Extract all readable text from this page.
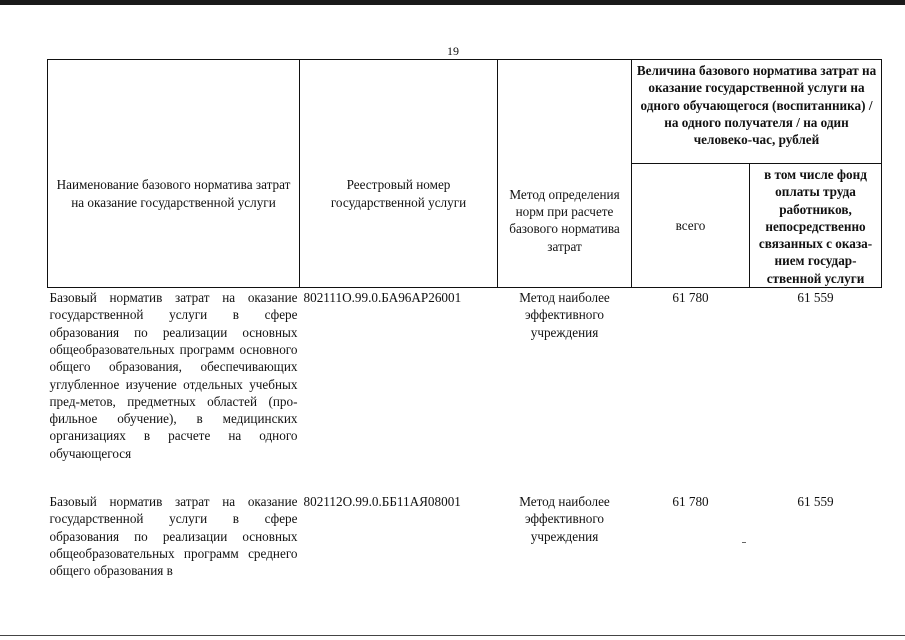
19
Наименование базового норматива затрат на оказание государственной услуги	Реестровый номер государственной услуги	Метод определения норм при расчете базового норматива затрат	Величина базового норматива затрат на оказание государственной услуги на одного обучающегося (воспитанника) / на одного получателя / на один человеко-час, рублей	
			всего	в том числе фонд оплаты труда работников, непосредственно связанных с оказа-нием государ-ственной услуги
Базовый норматив затрат на оказание государственной услуги в сфере образования по реализации основных общеобразовательных программ основного общего образования, обеспечивающих углубленное изучение отдельных учебных пред-метов, предметных областей (про-фильное обучение), в медицинских организациях в расчете на одного обучающегося	802111О.99.0.БА96АР26001	Метод наиболее эффективного учреждения	61 780	61 559
Базовый норматив затрат на оказание государственной услуги в сфере образования по реализации основных общеобразовательных программ среднего общего образования в	802112О.99.0.ББ11АЯ08001	Метод наиболее эффективного учреждения	61 780	61 559
